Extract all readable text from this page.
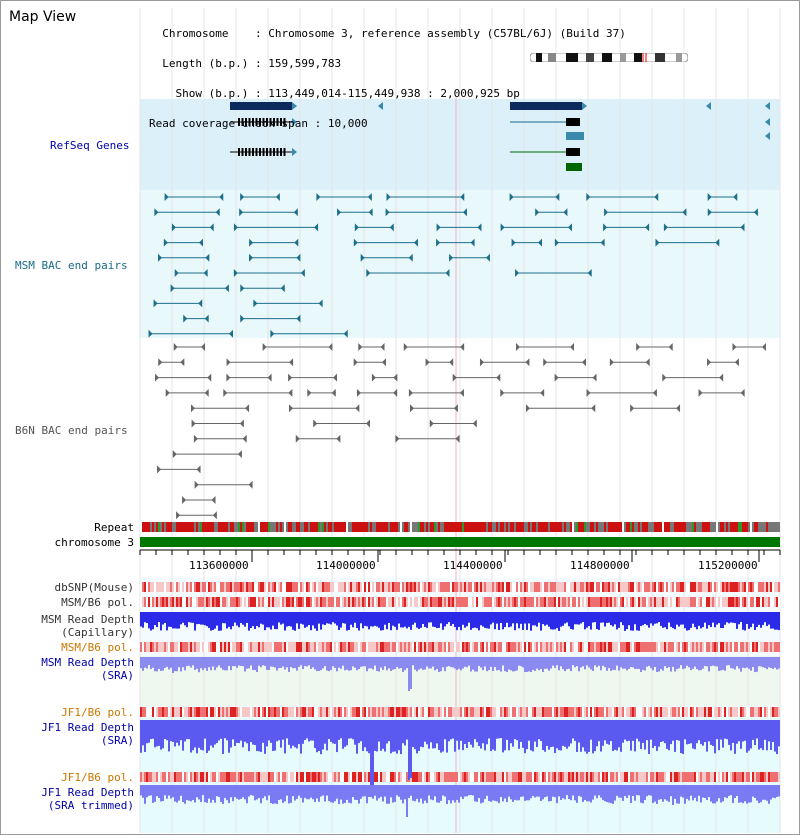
Map View

Chromosome    : Chromosome 3, reference assembly (C57BL/6J) (Build 37)

Length (b.p.) : 159,599,783

Show (b.p.) : 113,449,014-115,449,938 : 2,000,925 bp

Read coverage check span : 10,000

RefSeq Genes
MSM BAC end pairs
B6N BAC end pairs
Repeat
chromosome 3
dbSNP(Mouse)
MSM/B6 pol.
MSM Read Depth
(Capillary)
MSM/B6 pol.
MSM Read Depth
(SRA)
JF1/B6 pol.
JF1 Read Depth
(SRA)
JF1/B6 pol.
JF1 Read Depth
(SRA trimmed)
113600000	114000000	114400000	114800000	115200000
